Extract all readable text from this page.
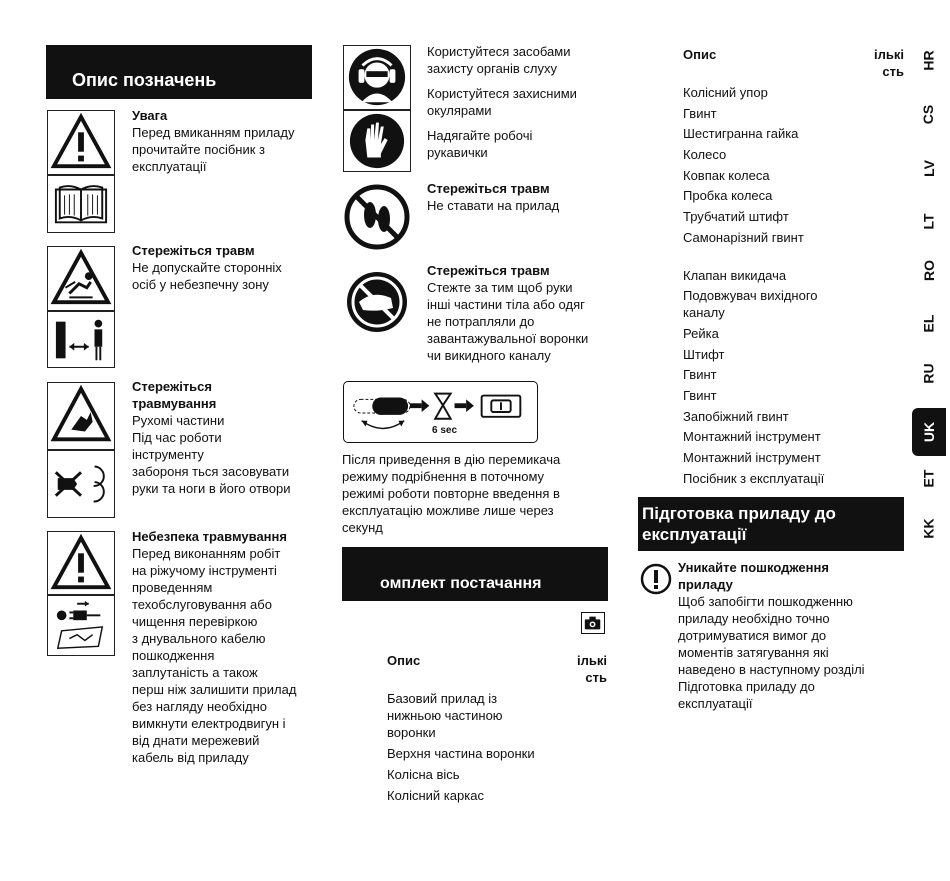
Опис позначень
Увага
Перед вмиканням приладу
прочитайте посібник з
експлуатації
Стережіться травм
Не допускайте сторонніх
осіб у небезпечну зону
Стережіться
травмування
Рухомі частини
Під час роботи
інструменту
забороня ться засовувати
руки та ноги в його отвори
Небезпека травмування
Перед виконанням робіт
на ріжучому інструменті
проведенням
техобслуговування або
чищення перевіркою
з днувального кабелю
пошкодження
заплутаність а також
перш ніж залишити прилад
без нагляду необхідно
вимкнути електродвигун і
від днати мережевий
кабель від приладу
Користуйтеся засобами
захисту органів слуху
Користуйтеся захисними
окулярами
Надягайте робочі
рукавички
Стережіться травм
Не ставати на прилад
Стережіться травм
Стежте за тим щоб руки
інші частини тіла або одяг
не потрапляли до
завантажувальної воронки
чи викидного каналу
6 sec
Після приведення в дію перемикача
режиму подрібнення в поточному
режимі роботи повторне введення в
експлуатацію можливе лише через
секунд
омплект постачання
Опис	ількі
сть
Базовий прилад із
нижньою частиною
воронки
Верхня частина воронки
Колісна вісь
Колісний каркас
Опис	ількі
сть
Колісний упор
Гвинт
Шестигранна гайка
Колесо
Ковпак колеса
Пробка колеса
Трубчатий штифт
Самонарізний гвинт
Клапан викидача
Подовжувач вихідного
каналу
Рейка
Штифт
Гвинт
Гвинт
Запобіжний гвинт
Монтажний інструмент
Монтажний інструмент
Посібник з експлуатації
Підготовка приладу до
експлуатації
Уникайте пошкодження
приладу
Щоб запобігти пошкодженню
приладу необхідно точно
дотримуватися вимог до
моментів затягування які
наведено в наступному розділі
Підготовка приладу до
експлуатації
HR
CS
LV
LT
RO
EL
RU
UK
ET
KK
